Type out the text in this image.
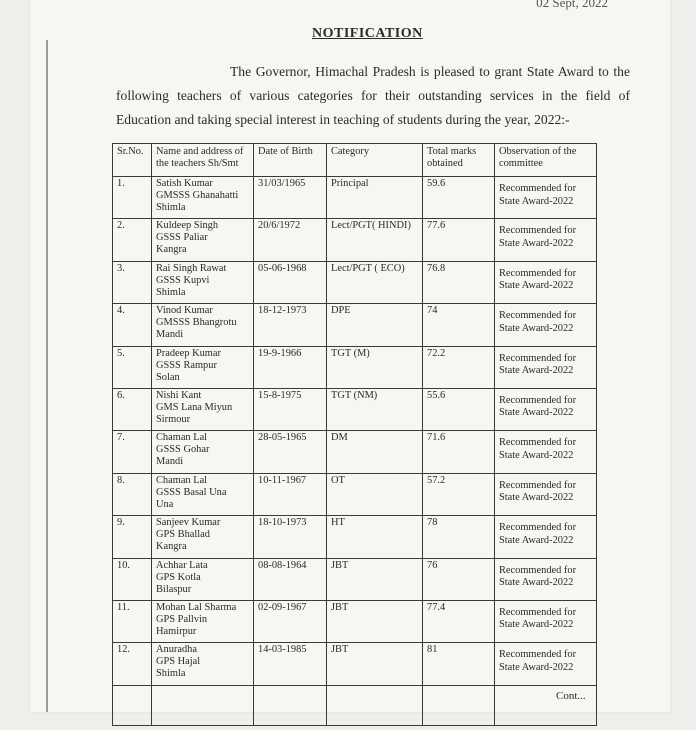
02 Sept, 2022
NOTIFICATION
The Governor, Himachal Pradesh is pleased to grant State Award to the following teachers of various categories for their outstanding services in the field of Education and taking special interest in teaching of students during the year, 2022:-
Sr.No.	Name and address of the teachers Sh/Smt	Date of Birth	Category	Total marks obtained	Observation of the committee
1.	Satish Kumar
GMSSS Ghanahatti
Shimla	31/03/1965	Principal	59.6	Recommended for State Award-2022
2.	Kuldeep Singh
GSSS Paliar
Kangra	20/6/1972	Lect/PGT( HINDI)	77.6	Recommended for State Award-2022
3.	Rai Singh Rawat
GSSS Kupvi
Shimla	05-06-1968	Lect/PGT ( ECO)	76.8	Recommended for State Award-2022
4.	Vinod Kumar
GMSSS Bhangrotu
Mandi	18-12-1973	DPE	74	Recommended for State Award-2022
5.	Pradeep Kumar
GSSS Rampur
Solan	19-9-1966	TGT (M)	72.2	Recommended for State Award-2022
6.	Nishi Kant
GMS Lana Miyun
Sirmour	15-8-1975	TGT (NM)	55.6	Recommended for State Award-2022
7.	Chaman Lal
GSSS Gohar
Mandi	28-05-1965	DM	71.6	Recommended for State Award-2022
8.	Chaman Lal
GSSS Basal Una
Una	10-11-1967	OT	57.2	Recommended for State Award-2022
9.	Sanjeev Kumar
GPS Bhallad
Kangra	18-10-1973	HT	78	Recommended for State Award-2022
10.	Achhar Lata
GPS Kotla
Bilaspur	08-08-1964	JBT	76	Recommended for State Award-2022
11.	Mohan Lal Sharma
GPS Pallvin
Hamirpur	02-09-1967	JBT	77.4	Recommended for State Award-2022
12.	Anuradha
GPS Hajal
Shimla	14-03-1985	JBT	81	Recommended for State Award-2022

Cont...
